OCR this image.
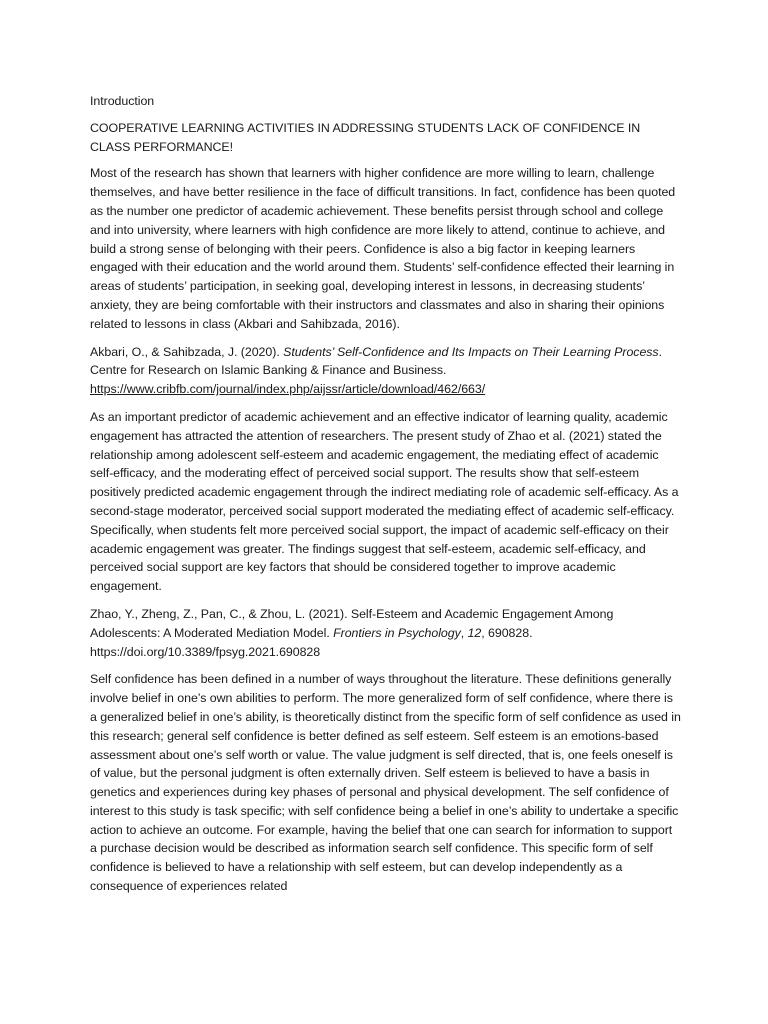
Introduction

COOPERATIVE LEARNING ACTIVITIES IN ADDRESSING STUDENTS LACK OF CONFIDENCE IN CLASS PERFORMANCE!

Most of the research has shown that learners with higher confidence are more willing to learn, challenge themselves, and have better resilience in the face of difficult transitions. In fact, confidence has been quoted as the number one predictor of academic achievement. These benefits persist through school and college and into university, where learners with high confidence are more likely to attend, continue to achieve, and build a strong sense of belonging with their peers. Confidence is also a big factor in keeping learners engaged with their education and the world around them. Students’ self-confidence effected their learning in areas of students’ participation, in seeking goal, developing interest in lessons, in decreasing students’ anxiety, they are being comfortable with their instructors and classmates and also in sharing their opinions related to lessons in class (Akbari and Sahibzada, 2016).

Akbari, O., & Sahibzada, J. (2020). Students’ Self-Confidence and Its Impacts on Their Learning Process. Centre for Research on Islamic Banking & Finance and Business. https://www.cribfb.com/journal/index.php/aijssr/article/download/462/663/

As an important predictor of academic achievement and an effective indicator of learning quality, academic engagement has attracted the attention of researchers. The present study of Zhao et al. (2021) stated the relationship among adolescent self-esteem and academic engagement, the mediating effect of academic self-efficacy, and the moderating effect of perceived social support. The results show that self-esteem positively predicted academic engagement through the indirect mediating role of academic self-efficacy. As a second-stage moderator, perceived social support moderated the mediating effect of academic self-efficacy. Specifically, when students felt more perceived social support, the impact of academic self-efficacy on their academic engagement was greater. The findings suggest that self-esteem, academic self-efficacy, and perceived social support are key factors that should be considered together to improve academic engagement.

Zhao, Y., Zheng, Z., Pan, C., & Zhou, L. (2021). Self-Esteem and Academic Engagement Among Adolescents: A Moderated Mediation Model. Frontiers in Psychology, 12, 690828.
https://doi.org/10.3389/fpsyg.2021.690828

Self confidence has been defined in a number of ways throughout the literature. These definitions generally involve belief in one’s own abilities to perform. The more generalized form of self confidence, where there is a generalized belief in one’s ability, is theoretically distinct from the specific form of self confidence as used in this research; general self confidence is better defined as self esteem. Self esteem is an emotions-based assessment about one’s self worth or value. The value judgment is self directed, that is, one feels oneself is of value, but the personal judgment is often externally driven. Self esteem is believed to have a basis in genetics and experiences during key phases of personal and physical development. The self confidence of interest to this study is task specific; with self confidence being a belief in one’s ability to undertake a specific action to achieve an outcome. For example, having the belief that one can search for information to support a purchase decision would be described as information search self confidence. This specific form of self confidence is believed to have a relationship with self esteem, but can develop independently as a consequence of experiences related
